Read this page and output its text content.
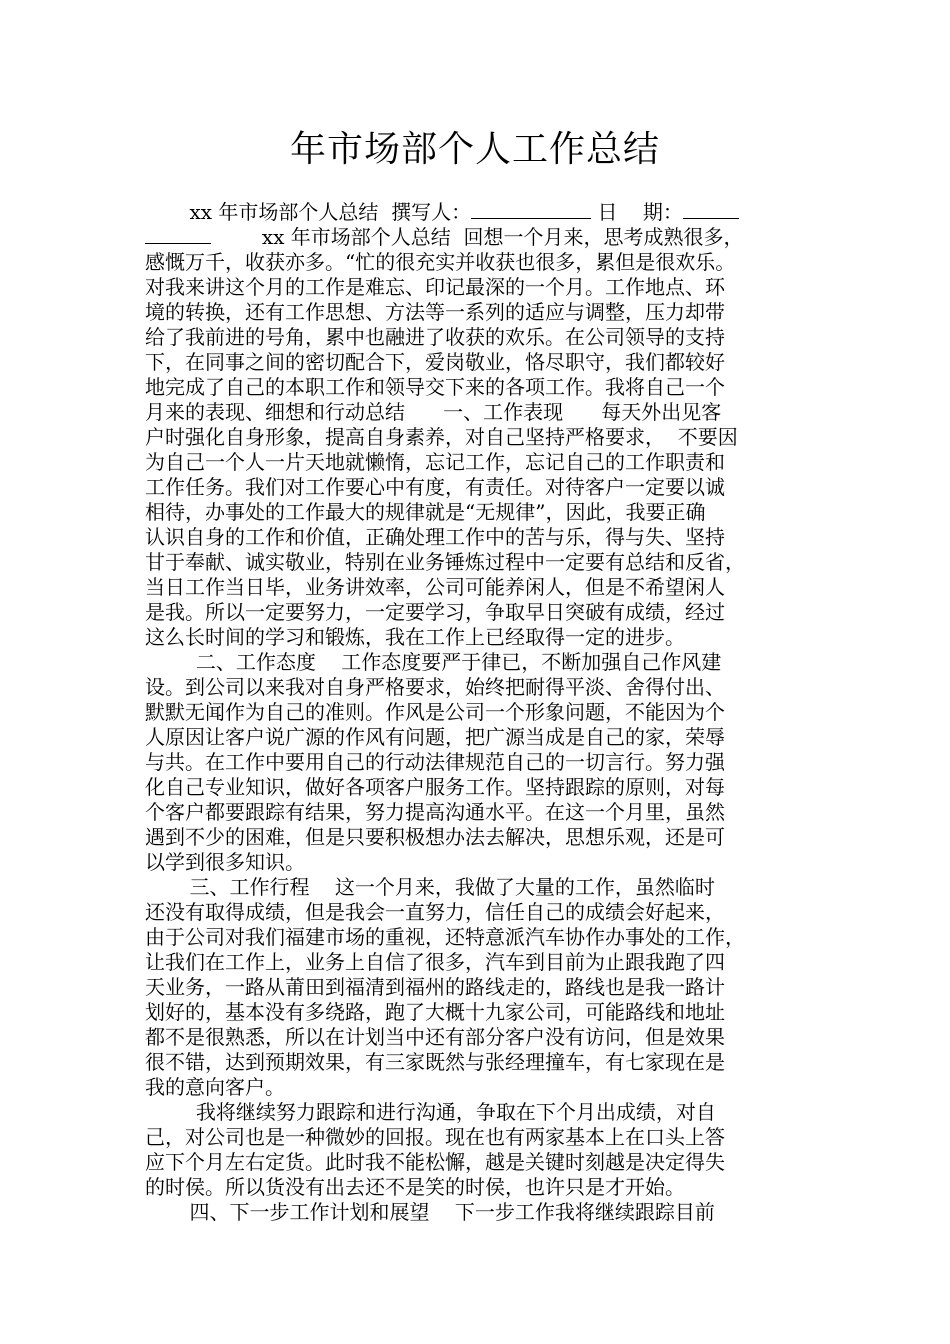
年市场部个人工作总结
xx 年市场部个人总结  撰写人：	日    期：
xx 年市场部个人总结  回想一个月来，思考成熟很多，
感慨万千，收获亦多。“忙的很充实并收获也很多，累但是很欢乐。
对我来讲这个月的工作是难忘、印记最深的一个月。工作地点、环
境的转换，还有工作思想、方法等一系列的适应与调整，压力却带
给了我前进的号角，累中也融进了收获的欢乐。在公司领导的支持
下，在同事之间的密切配合下，爱岗敬业，恪尽职守，我们都较好
地完成了自己的本职工作和领导交下来的各项工作。我将自己一个
月来的表现、细想和行动总结      一、工作表现      每天外出见客
户时强化自身形象，提高自身素养，对自己坚持严格要求，  不要因
为自己一个人一片天地就懒惰，忘记工作，忘记自己的工作职责和
工作任务。我们对工作要心中有度，有责任。对待客户一定要以诚
相待，办事处的工作最大的规律就是“无规律”，因此，我要正确
认识自身的工作和价值，正确处理工作中的苦与乐，得与失、坚持
甘于奉献、诚实敬业，特别在业务锤炼过程中一定要有总结和反省，
当日工作当日毕，业务讲效率，公司可能养闲人，但是不希望闲人
是我。所以一定要努力，一定要学习，争取早日突破有成绩，经过
这么长时间的学习和锻炼，我在工作上已经取得一定的进步。
二、工作态度    工作态度要严于律已，不断加强自己作风建
设。到公司以来我对自身严格要求，始终把耐得平淡、舍得付出、
默默无闻作为自己的准则。作风是公司一个形象问题，不能因为个
人原因让客户说广源的作风有问题，把广源当成是自己的家，荣辱
与共。在工作中要用自己的行动法律规范自己的一切言行。努力强
化自己专业知识，做好各项客户服务工作。坚持跟踪的原则，对每
个客户都要跟踪有结果，努力提高沟通水平。在这一个月里，虽然
遇到不少的困难，但是只要积极想办法去解决，思想乐观，还是可
以学到很多知识。
三、工作行程    这一个月来，我做了大量的工作，虽然临时
还没有取得成绩，但是我会一直努力，信任自己的成绩会好起来，
由于公司对我们福建市场的重视，还特意派汽车协作办事处的工作，
让我们在工作上，业务上自信了很多，汽车到目前为止跟我跑了四
天业务，一路从莆田到福清到福州的路线走的，路线也是我一路计
划好的，基本没有多绕路，跑了大概十九家公司，可能路线和地址
都不是很熟悉，所以在计划当中还有部分客户没有访问，但是效果
很不错，达到预期效果，有三家既然与张经理撞车，有七家现在是
我的意向客户。
我将继续努力跟踪和进行沟通，争取在下个月出成绩，对自
己，对公司也是一种微妙的回报。现在也有两家基本上在口头上答
应下个月左右定货。此时我不能松懈，越是关键时刻越是决定得失
的时侯。所以货没有出去还不是笑的时侯，也许只是才开始。
四、下一步工作计划和展望    下一步工作我将继续跟踪目前
